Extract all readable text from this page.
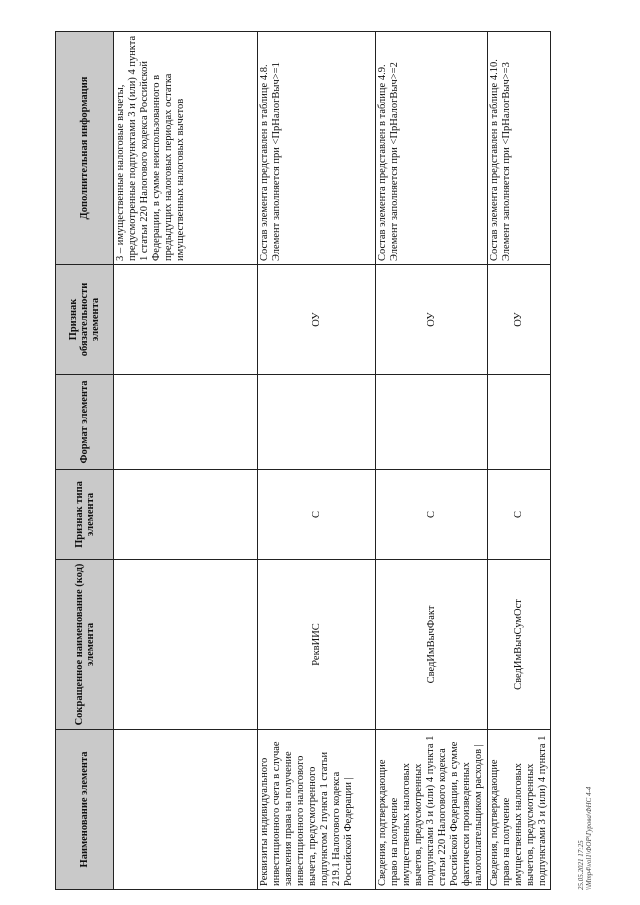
Наименование элемента	Сокращенное наименование (код) элемента	Признак типа элемента	Формат элемента	Признак обязательности элемента	Дополнительная информация
					3 – имущественные налоговые вычеты, предусмотренные подпунктами 3 и (или) 4 пункта 1 статьи 220 Налогового кодекса Российской Федерации, в сумме неиспользованного в предыдущих налоговых периодах остатка имущественных налоговых вычетов
Реквизиты индивидуального инвестиционного счета в случае заявления права на получение инвестиционного налогового вычета, предусмотренного подпунктом 2 пункта 1 статьи 219.1 Налогового кодекса Российской Федерации |	РеквИИС	С		ОУ	Состав элемента представлен в таблице 4.8. Элемент заполняется при <ПрНалогВыч>=1
Сведения, подтверждающие право на получение имущественных налоговых вычетов, предусмотренных подпунктами 3 и (или) 4 пункта 1 статьи 220 Налогового кодекса Российской Федерации, в сумме фактически произведенных налогоплательщиком расходов |	СведИмВычФакт	С		ОУ	Состав элемента представлен в таблице 4.9. Элемент заполняется при <ПрНалогВыч>=2
Сведения, подтверждающие право на получение имущественных налоговых вычетов, предусмотренных подпунктами 3 и (или) 4 пункта 1	СведИмВычСумОст	С		ОУ	Состав элемента представлен в таблице 4.10. Элемент заполняется при <ПрНалогВыч>=3
25.05.2021 17:25 \\Mmp4\vol1\ФОР\Гурова\ФНС 4-4
